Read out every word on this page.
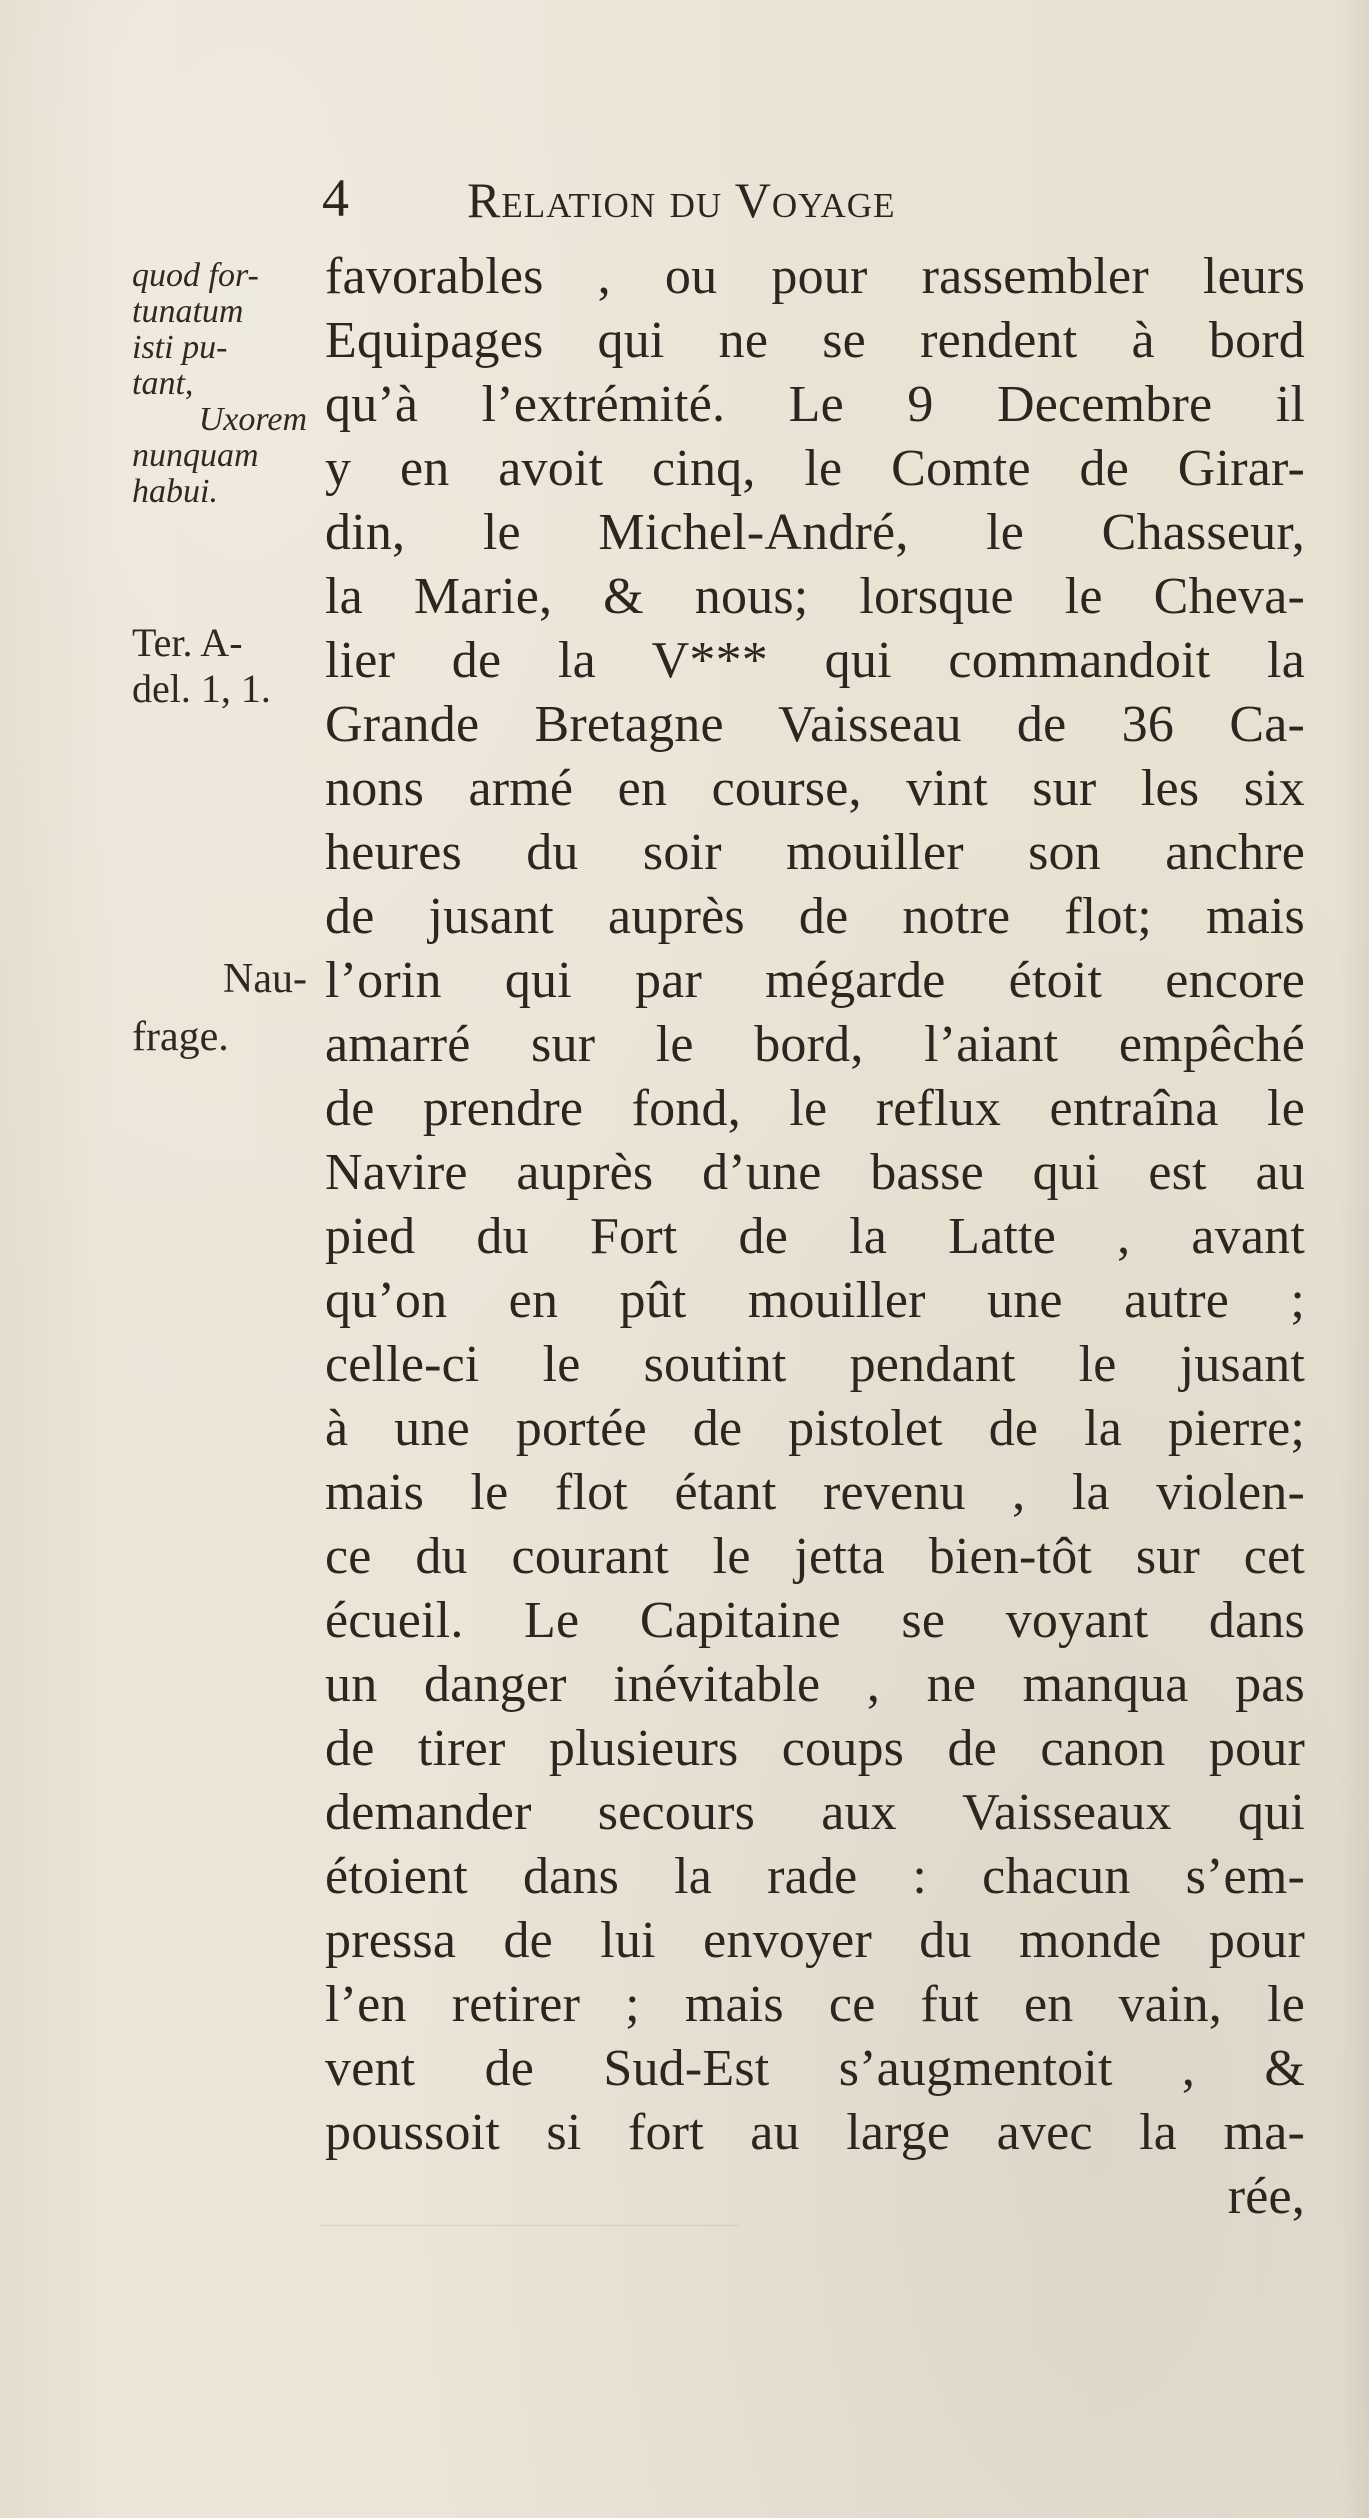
4 Relation du Voyage
quod for-
tunatum
isti pu-
tant,
Uxorem
nunquam
habui.
Ter. A-
del. 1, 1.
Nau-
frage.
favorables , ou pour rassembler leurs
Equipages qui ne se rendent à bord
qu’à l’extrémité. Le 9 Decembre il
y en avoit cinq, le Comte de Girar-
din, le Michel-André, le Chasseur,
la Marie, & nous; lorsque le Cheva-
lier de la V*** qui commandoit la
Grande Bretagne Vaisseau de 36 Ca-
nons armé en course, vint sur les six
heures du soir mouiller son anchre
de jusant auprès de notre flot; mais
l’orin qui par mégarde étoit encore
amarré sur le bord, l’aiant empêché
de prendre fond, le reflux entraîna le
Navire auprès d’une basse qui est au
pied du Fort de la Latte , avant
qu’on en pût mouiller une autre ;
celle-ci le soutint pendant le jusant
à une portée de pistolet de la pierre;
mais le flot étant revenu , la violen-
ce du courant le jetta bien-tôt sur cet
écueil. Le Capitaine se voyant dans
un danger inévitable , ne manqua pas
de tirer plusieurs coups de canon pour
demander secours aux Vaisseaux qui
étoient dans la rade : chacun s’em-
pressa de lui envoyer du monde pour
l’en retirer ; mais ce fut en vain, le
vent de Sud-Est s’augmentoit , &
poussoit si fort au large avec la ma-
rée,
